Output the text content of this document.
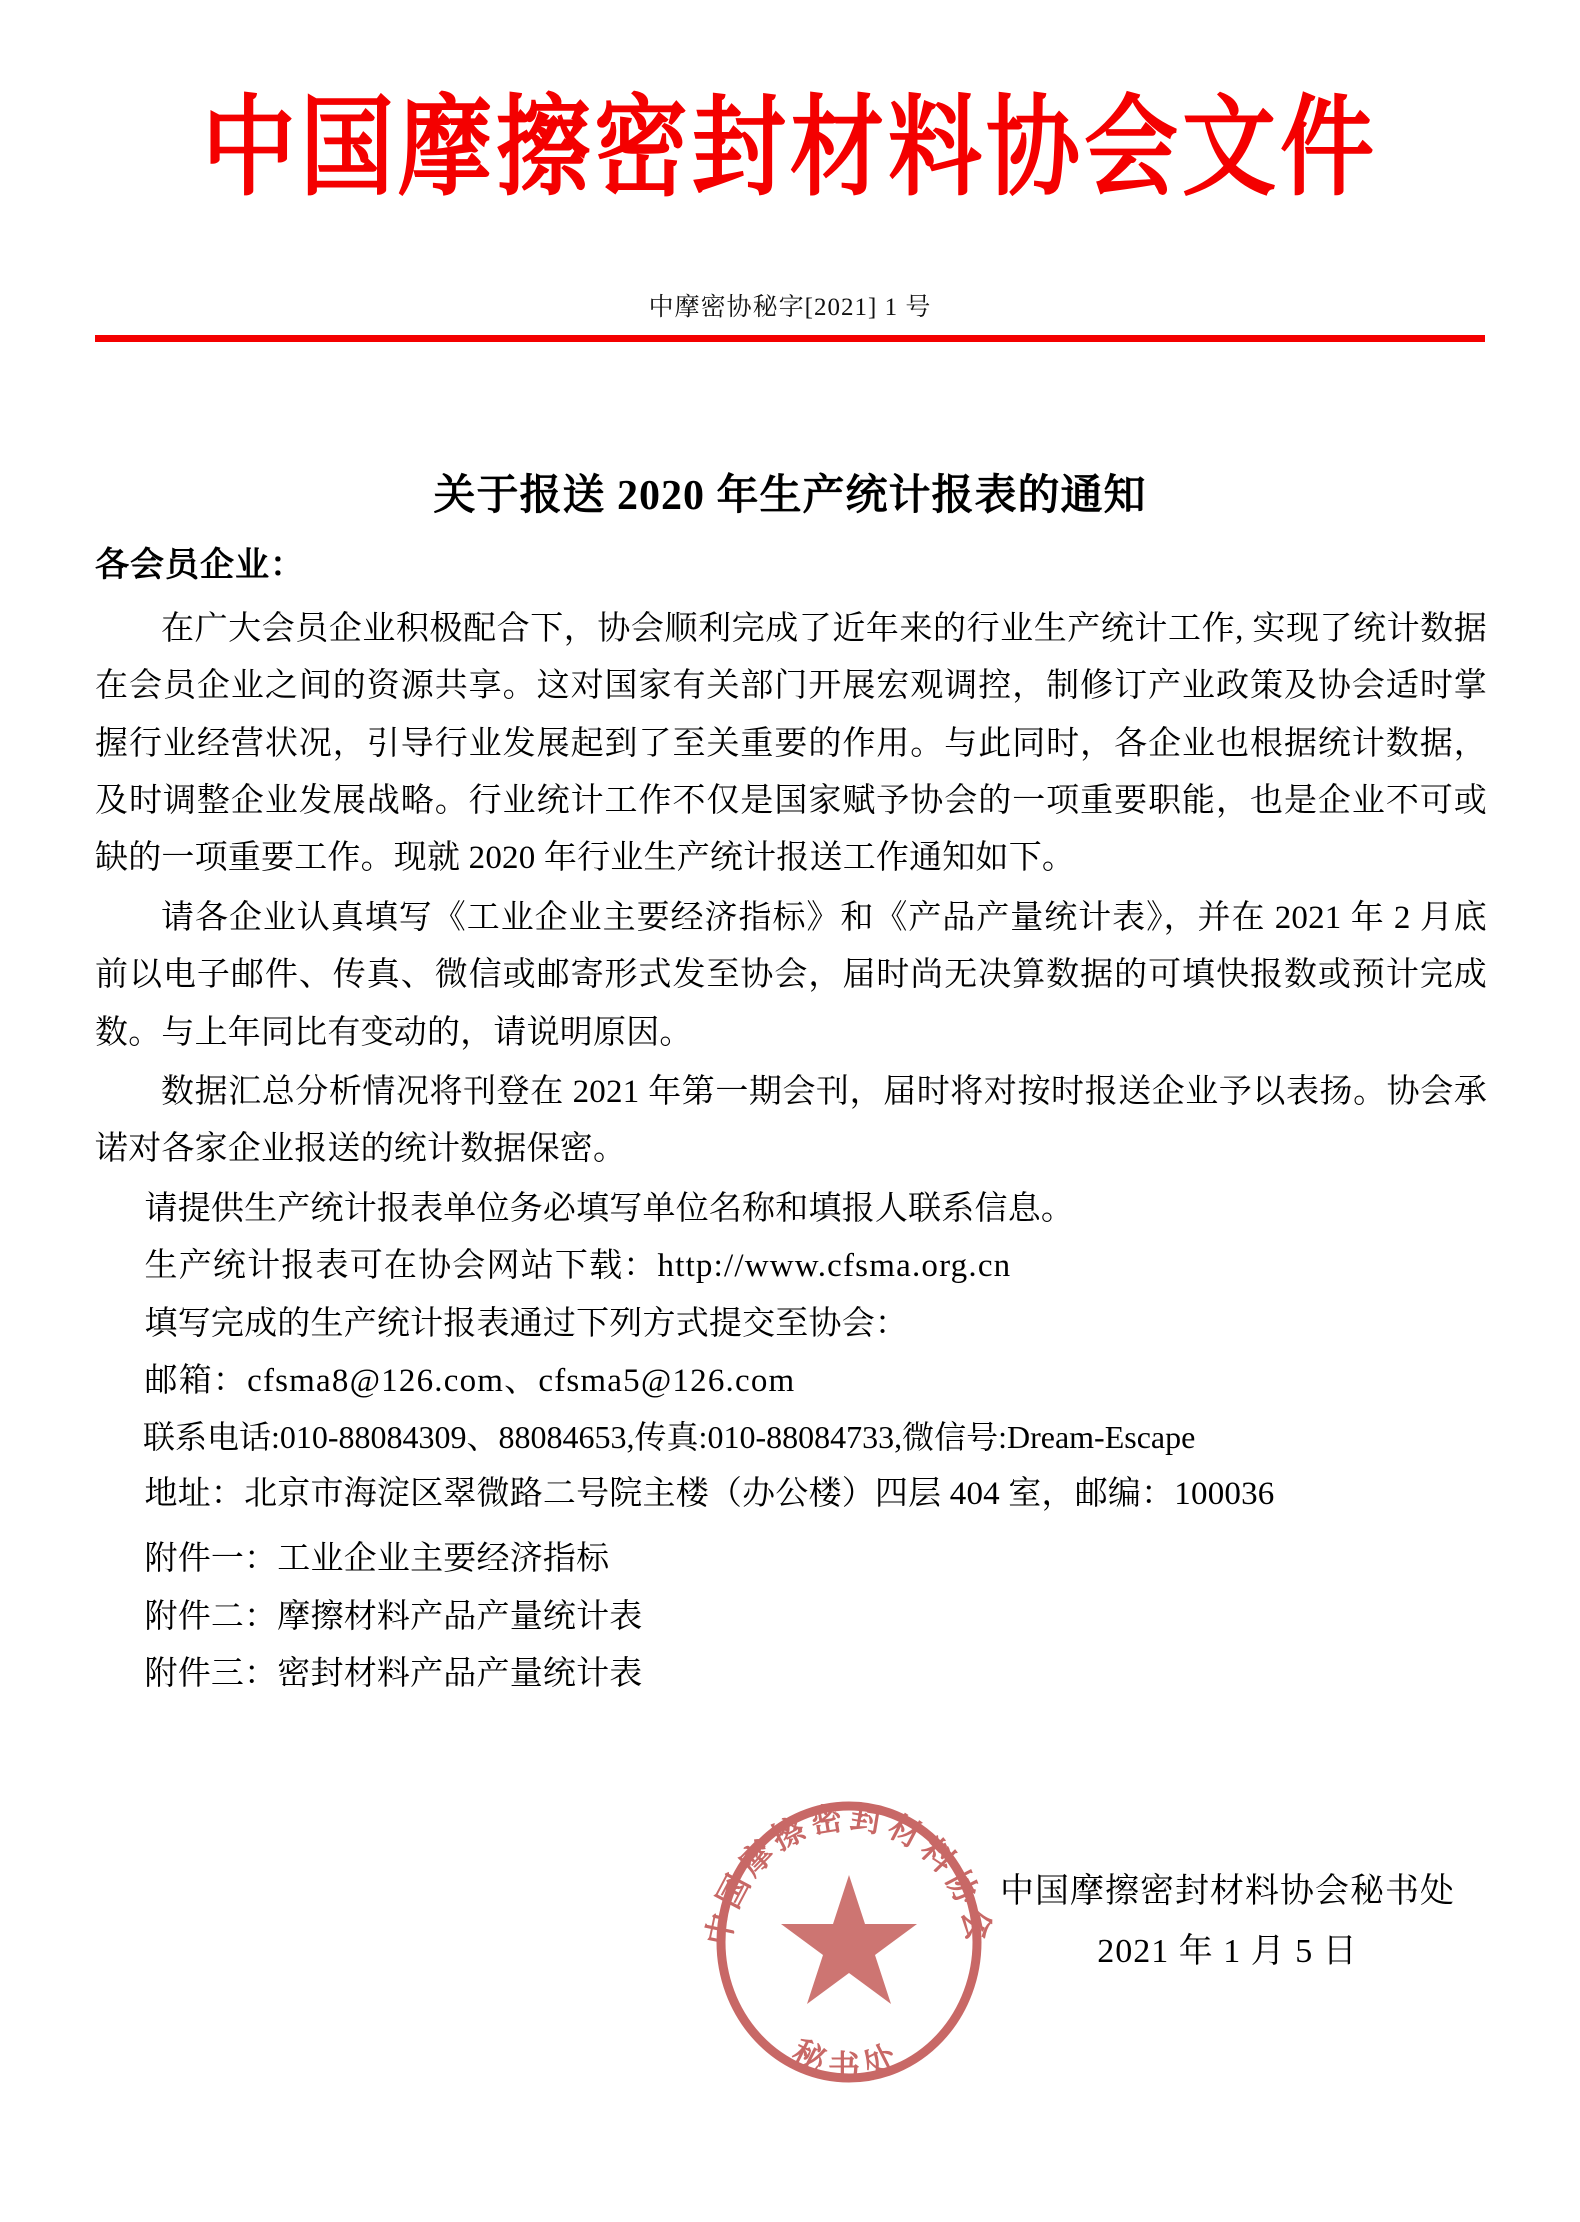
中国摩擦密封材料协会文件
中摩密协秘字[2021] 1 号
关于报送 2020 年生产统计报表的通知
各会员企业：

在广大会员企业积极配合下，协会顺利完成了近年来的行业生产统计工作, 实现了统计数据在会员企业之间的资源共享。这对国家有关部门开展宏观调控，制修订产业政策及协会适时掌握行业经营状况，引导行业发展起到了至关重要的作用。与此同时，各企业也根据统计数据，及时调整企业发展战略。行业统计工作不仅是国家赋予协会的一项重要职能，也是企业不可或缺的一项重要工作。现就 2020 年行业生产统计报送工作通知如下。

请各企业认真填写《工业企业主要经济指标》和《产品产量统计表》，并在 2021 年 2 月底前以电子邮件、传真、微信或邮寄形式发至协会，届时尚无决算数据的可填快报数或预计完成数。与上年同比有变动的，请说明原因。

数据汇总分析情况将刊登在 2021 年第一期会刊，届时将对按时报送企业予以表扬。协会承诺对各家企业报送的统计数据保密。

请提供生产统计报表单位务必填写单位名称和填报人联系信息。
生产统计报表可在协会网站下载：http://www.cfsma.org.cn
填写完成的生产统计报表通过下列方式提交至协会：
邮箱：cfsma8@126.com、cfsma5@126.com
联系电话:010-88084309、88084653,传真:010-88084733,微信号:Dream-Escape
地址：北京市海淀区翠微路二号院主楼（办公楼）四层 404 室，邮编：100036
附件一：工业企业主要经济指标
附件二：摩擦材料产品产量统计表
附件三：密封材料产品产量统计表
中国摩擦密封材料协会
秘书处
中国摩擦密封材料协会秘书处
2021 年 1 月 5 日
